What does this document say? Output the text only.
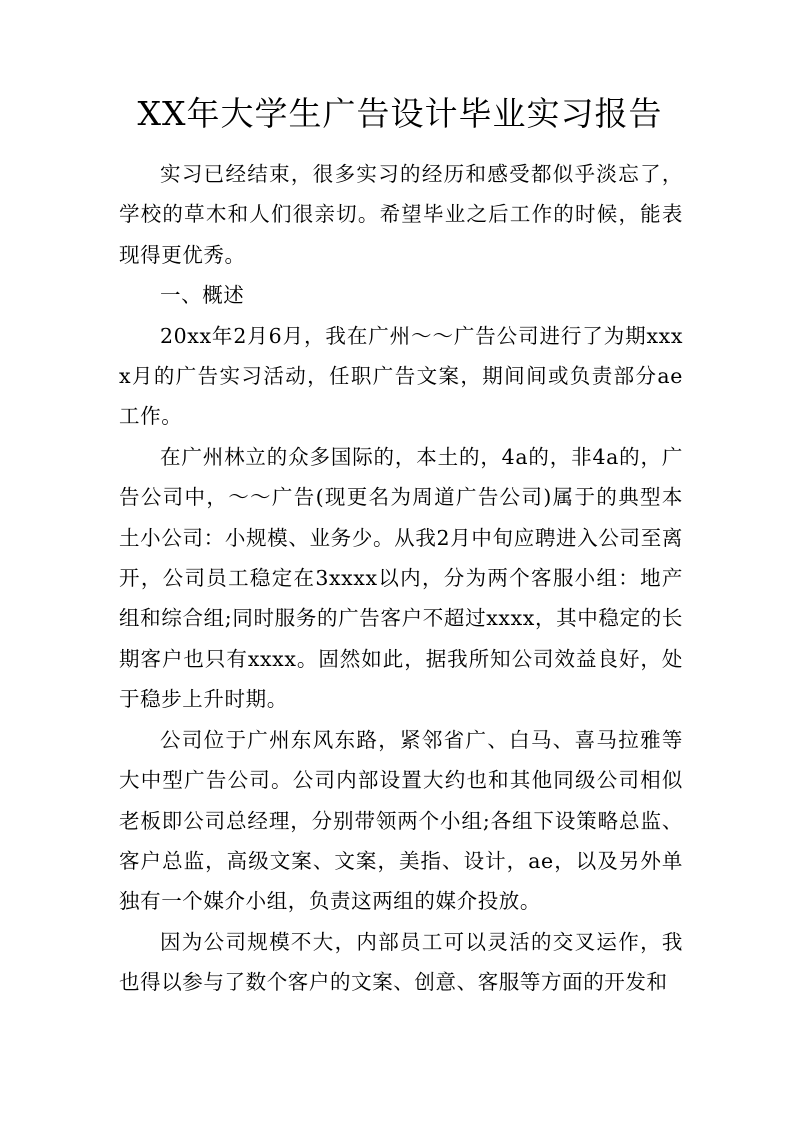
XX年大学生广告设计毕业实习报告

实习已经结束，很多实习的经历和感受都似乎淡忘了，学校的草木和人们很亲切。希望毕业之后工作的时候，能表现得更优秀。

一、概述

20xx年2月6月，我在广州～～广告公司进行了为期xxxx月的广告实习活动，任职广告文案，期间间或负责部分ae工作。

在广州林立的众多国际的，本土的，4a的，非4a的，广告公司中，～～广告(现更名为周道广告公司)属于的典型本土小公司：小规模、业务少。从我2月中旬应聘进入公司至离开，公司员工稳定在3xxxx以内，分为两个客服小组：地产组和综合组;同时服务的广告客户不超过xxxx，其中稳定的长期客户也只有xxxx。固然如此，据我所知公司效益良好，处于稳步上升时期。

公司位于广州东风东路，紧邻省广、白马、喜马拉雅等大中型广告公司。公司内部设置大约也和其他同级公司相似老板即公司总经理，分别带领两个小组;各组下设策略总监、客户总监，高级文案、文案，美指、设计，ae，以及另外单独有一个媒介小组，负责这两组的媒介投放。

因为公司规模不大，内部员工可以灵活的交叉运作，我也得以参与了数个客户的文案、创意、客服等方面的开发和
